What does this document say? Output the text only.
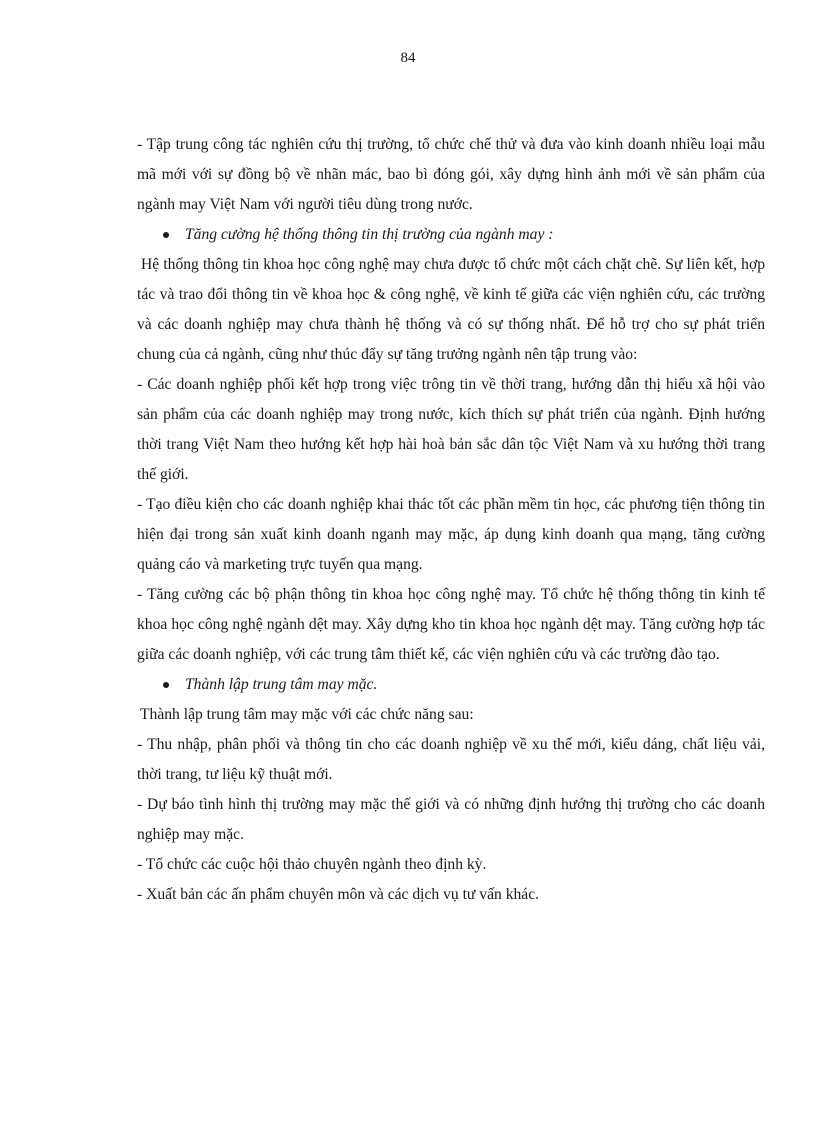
84

- Tập trung công tác nghiên cứu thị trường, tổ chức chế thử và đưa vào kinh doanh nhiều loại mẫu mã mới với sự đồng bộ về nhãn mác, bao bì đóng gói, xây dựng hình ảnh mới về sản phẩm của ngành may Việt Nam với người tiêu dùng trong nước.

Tăng cường hệ thống thông tin thị trường của ngành may :

Hệ thống thông tin khoa học công nghệ may chưa được tổ chức một cách chặt chẽ. Sự liên kết, hợp tác và trao đổi thông tin về khoa học & công nghệ, về kinh tế giữa các viện nghiên cứu, các trường và các doanh nghiệp may chưa thành hệ thống và có sự thống nhất. Để hỗ trợ cho sự phát triển chung của cả ngành, cũng như thúc đẩy sự tăng trưởng ngành nên tập trung vào:

- Các doanh nghiệp phối kết hợp trong việc trông tin về thời trang, hướng dẫn thị hiếu xã hội vào sản phẩm của các doanh nghiệp may trong nước, kích thích sự phát triển của ngành. Định hướng thời trang Việt Nam theo hướng kết hợp hài hoà bản sắc dân tộc Việt Nam và xu hướng thời trang thế giới.

- Tạo điều kiện cho các doanh nghiệp khai thác tốt các phần mềm tin học, các phương tiện thông tin hiện đại trong sản xuất kinh doanh nganh may mặc, áp dụng kinh doanh qua mạng, tăng cường quảng cáo và marketing trực tuyến qua mạng.

- Tăng cường các bộ phận thông tin khoa học công nghệ may. Tổ chức hệ thống thông tin kinh tế khoa học công nghệ ngành dệt may. Xây dựng kho tin khoa học ngành dệt may. Tăng cường hợp tác giữa các doanh nghiệp, với các trung tâm thiết kế, các viện nghiên cứu và các trường đào tạo.

Thành lập trung tâm may mặc.

Thành lập trung tâm may mặc với các chức năng sau:

- Thu nhập, phân phối và thông tin cho các doanh nghiệp về xu thế mới, kiểu dáng, chất liệu vải, thời trang, tư liệu kỹ thuật mới.

- Dự báo tình hình thị trường may mặc thế giới và có những định hướng thị trường cho các doanh nghiệp may mặc.

- Tổ chức các cuộc hội thảo chuyên ngành theo định kỳ.

- Xuất bản các ấn phẩm chuyên môn và các dịch vụ tư vấn khác.
